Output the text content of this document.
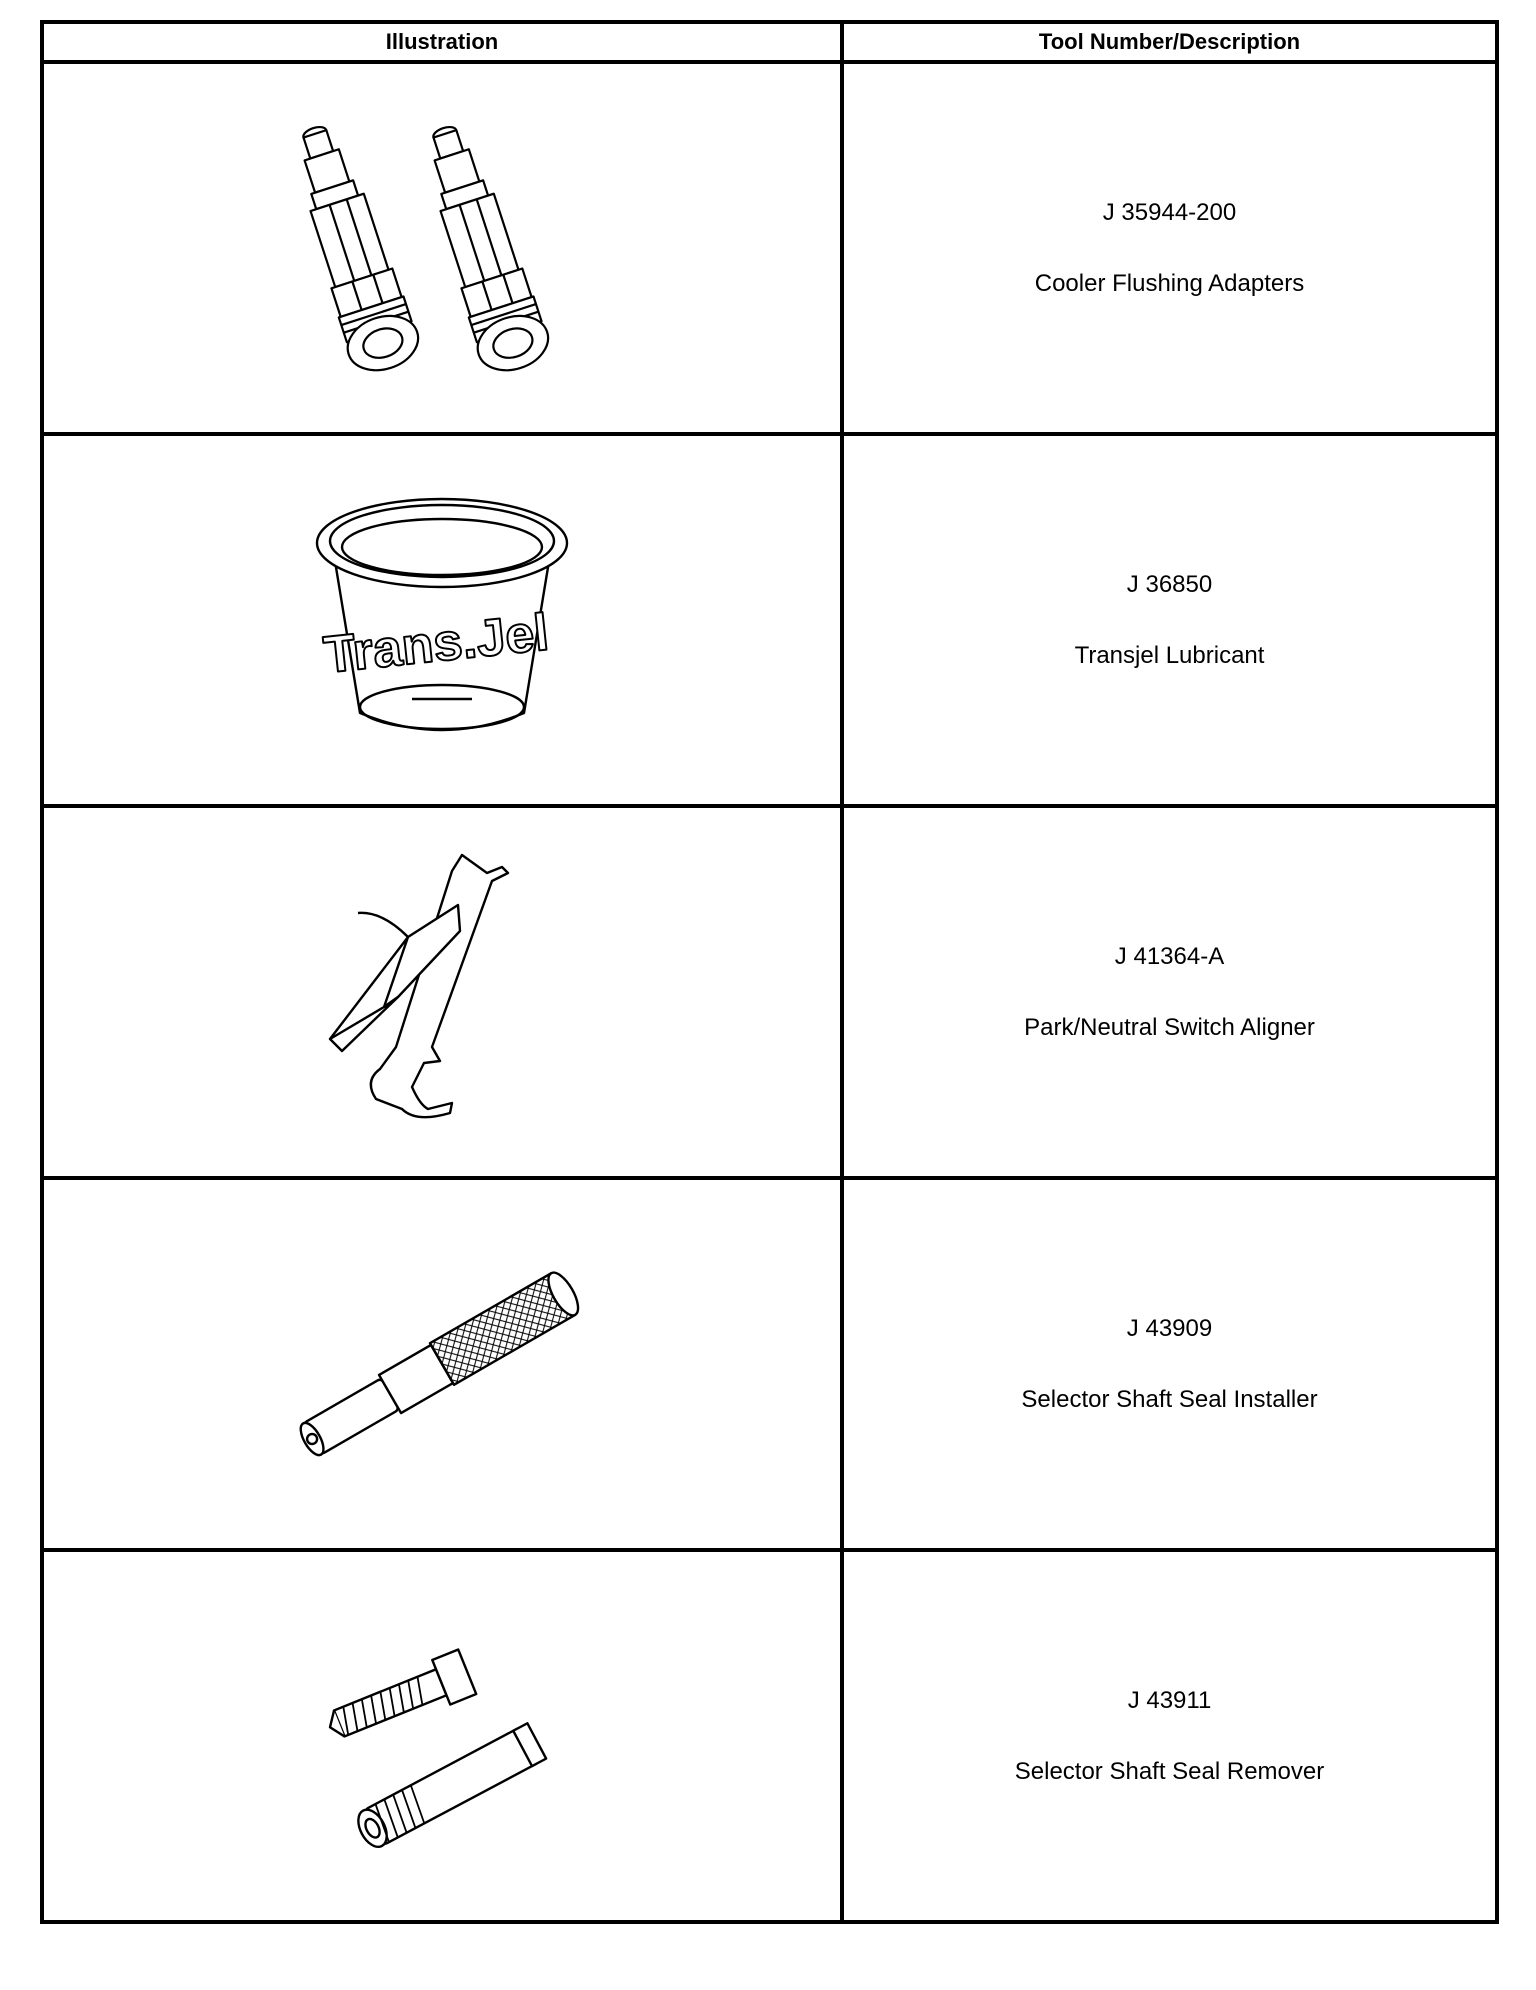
Illustration	Tool Number/Description

J 35944-200
Cooler Flushing Adapters

Trans.Jel	J 36850
Transjel Lubricant

J 41364-A
Park/Neutral Switch Aligner

J 43909
Selector Shaft Seal Installer

J 43911
Selector Shaft Seal Remover
